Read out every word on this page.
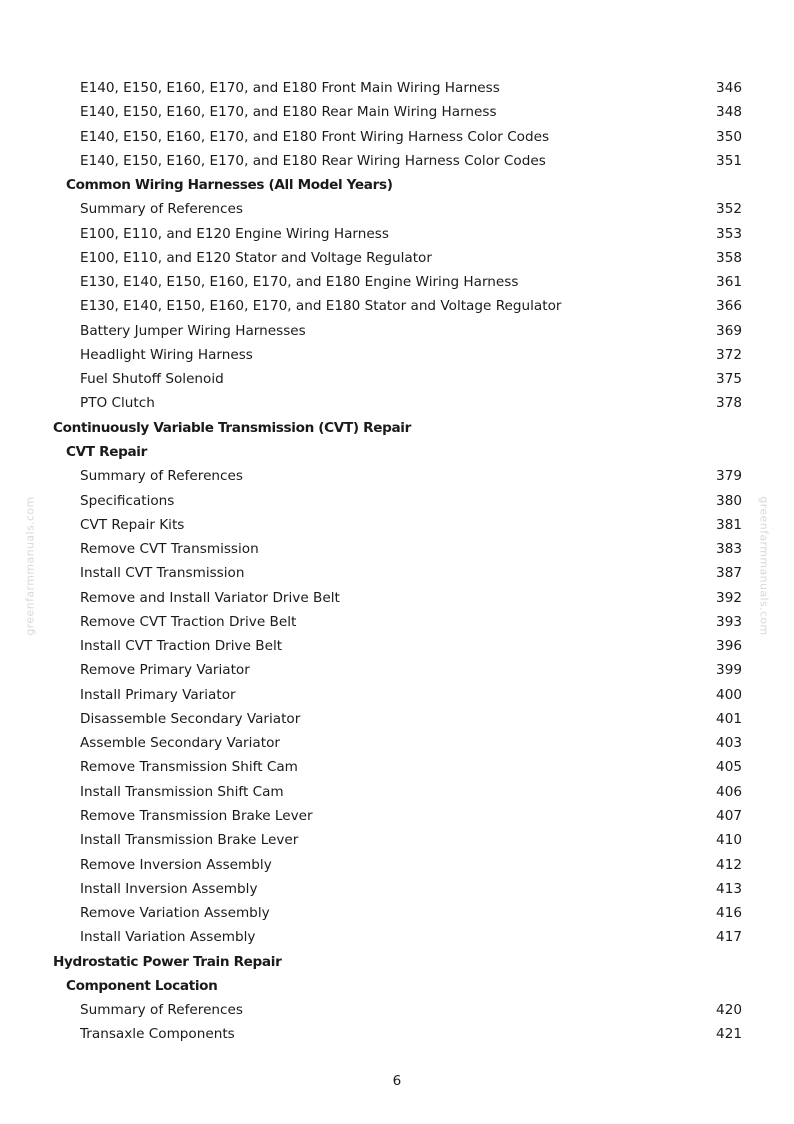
greenfarmmanuals.com	greenfarmmanuals.com
E140, E150, E160, E170, and E180 Front Main Wiring Harness	346
E140, E150, E160, E170, and E180 Rear Main Wiring Harness	348
E140, E150, E160, E170, and E180 Front Wiring Harness Color Codes	350
E140, E150, E160, E170, and E180 Rear Wiring Harness Color Codes	351
Common Wiring Harnesses (All Model Years)
Summary of References	352
E100, E110, and E120 Engine Wiring Harness	353
E100, E110, and E120 Stator and Voltage Regulator	358
E130, E140, E150, E160, E170, and E180 Engine Wiring Harness	361
E130, E140, E150, E160, E170, and E180 Stator and Voltage Regulator	366
Battery Jumper Wiring Harnesses	369
Headlight Wiring Harness	372
Fuel Shutoff Solenoid	375
PTO Clutch	378
Continuously Variable Transmission (CVT) Repair
CVT Repair
Summary of References	379
Specifications	380
CVT Repair Kits	381
Remove CVT Transmission	383
Install CVT Transmission	387
Remove and Install Variator Drive Belt	392
Remove CVT Traction Drive Belt	393
Install CVT Traction Drive Belt	396
Remove Primary Variator	399
Install Primary Variator	400
Disassemble Secondary Variator	401
Assemble Secondary Variator	403
Remove Transmission Shift Cam	405
Install Transmission Shift Cam	406
Remove Transmission Brake Lever	407
Install Transmission Brake Lever	410
Remove Inversion Assembly	412
Install Inversion Assembly	413
Remove Variation Assembly	416
Install Variation Assembly	417
Hydrostatic Power Train Repair
Component Location
Summary of References	420
Transaxle Components	421
6
